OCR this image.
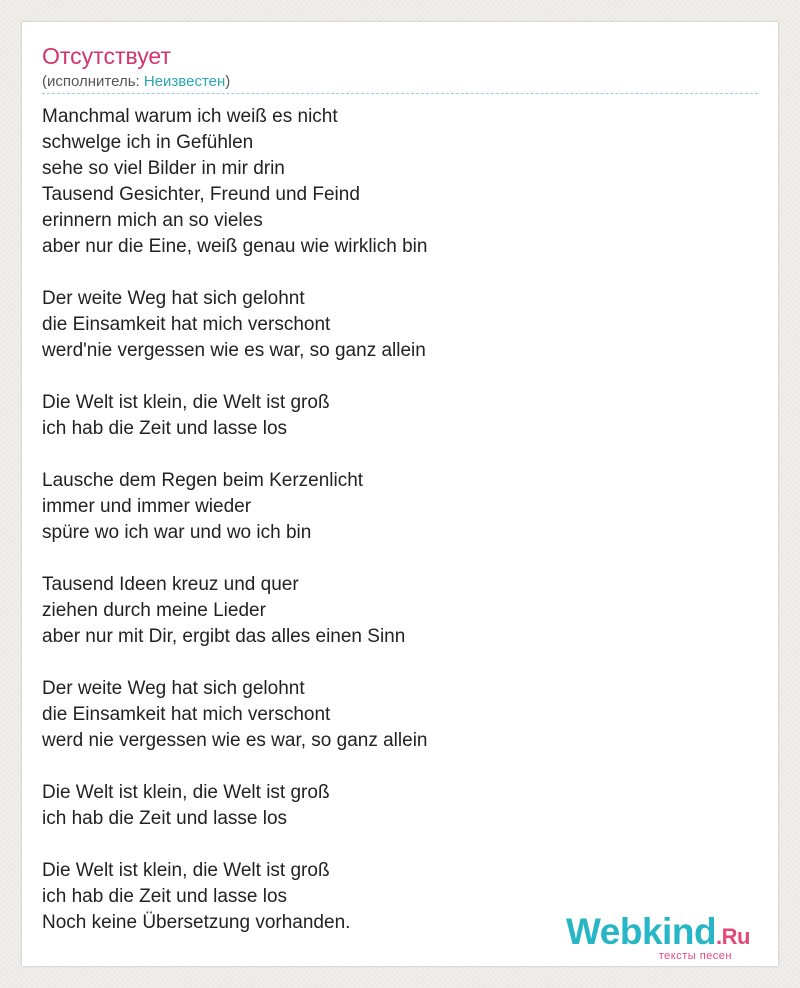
Отсутствует
(исполнитель: Неизвестен)
Manchmal warum ich weiß es nicht
schwelge ich in Gefühlen
sehe so viel Bilder in mir drin
Tausend Gesichter, Freund und Feind
erinnern mich an so vieles
aber nur die Eine, weiß genau wie wirklich bin
Der weite Weg hat sich gelohnt
die Einsamkeit hat mich verschont
werd'nie vergessen wie es war, so ganz allein
Die Welt ist klein, die Welt ist groß
ich hab die Zeit und lasse los
Lausche dem Regen beim Kerzenlicht
immer und immer wieder
spüre wo ich war und wo ich bin
Tausend Ideen kreuz und quer
ziehen durch meine Lieder
aber nur mit Dir, ergibt das alles einen Sinn
Der weite Weg hat sich gelohnt
die Einsamkeit hat mich verschont
werd nie vergessen wie es war, so ganz allein
Die Welt ist klein, die Welt ist groß
ich hab die Zeit und lasse los
Die Welt ist klein, die Welt ist groß
ich hab die Zeit und lasse los
Noch keine Übersetzung vorhanden.	Webkind.Ru
тексты песен
